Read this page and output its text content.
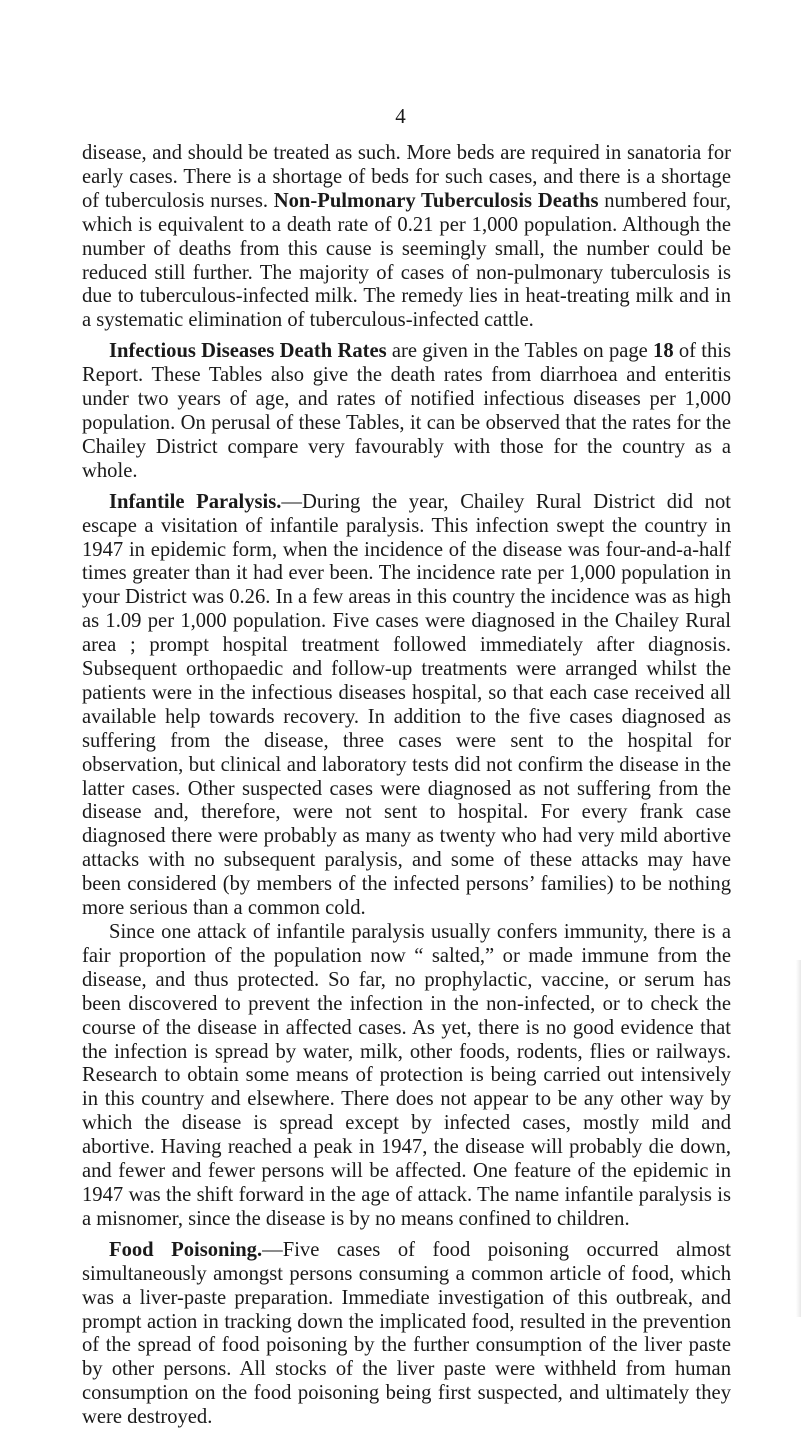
4

disease, and should be treated as such. More beds are required in sanatoria for early cases. There is a shortage of beds for such cases, and there is a shortage of tuberculosis nurses. Non-Pulmonary Tuberculosis Deaths numbered four, which is equivalent to a death rate of 0.21 per 1,000 population. Although the number of deaths from this cause is seemingly small, the number could be reduced still further. The majority of cases of non-pulmonary tuberculosis is due to tuberculous-infected milk. The remedy lies in heat-treating milk and in a systematic elimination of tuberculous-infected cattle.

Infectious Diseases Death Rates are given in the Tables on page 18 of this Report. These Tables also give the death rates from diarrhoea and enteritis under two years of age, and rates of notified infectious diseases per 1,000 population. On perusal of these Tables, it can be observed that the rates for the Chailey District compare very favourably with those for the country as a whole.

Infantile Paralysis.—During the year, Chailey Rural District did not escape a visitation of infantile paralysis. This infection swept the country in 1947 in epidemic form, when the incidence of the disease was four-and-a-half times greater than it had ever been. The incidence rate per 1,000 population in your District was 0.26. In a few areas in this country the incidence was as high as 1.09 per 1,000 population. Five cases were diagnosed in the Chailey Rural area ; prompt hospital treatment followed immediately after diagnosis. Subsequent orthopaedic and follow-up treatments were arranged whilst the patients were in the infectious diseases hospital, so that each case received all available help towards recovery. In addition to the five cases diagnosed as suffering from the disease, three cases were sent to the hospital for observation, but clinical and laboratory tests did not confirm the disease in the latter cases. Other suspected cases were diagnosed as not suffering from the disease and, therefore, were not sent to hospital. For every frank case diagnosed there were probably as many as twenty who had very mild abortive attacks with no subsequent paralysis, and some of these attacks may have been considered (by members of the infected persons’ families) to be nothing more serious than a common cold.

Since one attack of infantile paralysis usually confers immunity, there is a fair proportion of the population now “ salted,” or made immune from the disease, and thus protected. So far, no prophylactic, vaccine, or serum has been discovered to prevent the infection in the non-infected, or to check the course of the disease in affected cases. As yet, there is no good evidence that the infection is spread by water, milk, other foods, rodents, flies or railways. Research to obtain some means of protection is being carried out intensively in this country and elsewhere. There does not appear to be any other way by which the disease is spread except by infected cases, mostly mild and abortive. Having reached a peak in 1947, the disease will probably die down, and fewer and fewer persons will be affected. One feature of the epidemic in 1947 was the shift forward in the age of attack. The name infantile paralysis is a misnomer, since the disease is by no means confined to children.

Food Poisoning.—Five cases of food poisoning occurred almost simultaneously amongst persons consuming a common article of food, which was a liver-paste preparation. Immediate investigation of this outbreak, and prompt action in tracking down the implicated food, resulted in the prevention of the spread of food poisoning by the further consumption of the liver paste by other persons. All stocks of the liver paste were withheld from human consumption on the food poisoning being first suspected, and ultimately they were destroyed.
